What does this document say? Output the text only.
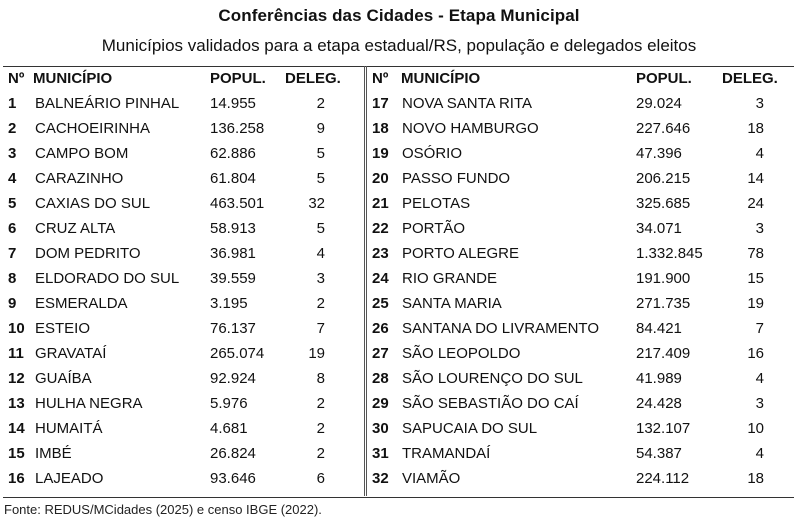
Conferências das Cidades - Etapa Municipal
Municípios validados para a etapa estadual/RS, população e delegados eleitos
Nº MUNICÍPIO	POPUL. DELEG.
1 BALNEÁRIO PINHAL 14.955	2
2 CACHOEIRINHA	136.258	9
3 CAMPO BOM	62.886	5
4 CARAZINHO	61.804	5
5 CAXIAS DO SUL	463.501	32
6 CRUZ ALTA	58.913	5
7 DOM PEDRITO	36.981	4
8 ELDORADO DO SUL 39.559	3
9 ESMERALDA	3.195	2
10 ESTEIO	76.137	7
11 GRAVATAÍ	265.074	19
12 GUAÍBA	92.924	8
13 HULHA NEGRA	5.976	2
14 HUMAITÁ	4.681	2
15 IMBÉ	26.824	2
16 LAJEADO	93.646	6
Nº MUNICÍPIO	POPUL. DELEG.
17 NOVA SANTA RITA	29.024	3
18 NOVO HAMBURGO	227.646	18
19 OSÓRIO	47.396	4
20 PASSO FUNDO	206.215	14
21 PELOTAS	325.685	24
22 PORTÃO	34.071	3
23 PORTO ALEGRE	1.332.845	78
24 RIO GRANDE	191.900	15
25 SANTA MARIA	271.735	19
26 SANTANA DO LIVRAMENTO 84.421	7
27 SÃO LEOPOLDO	217.409	16
28 SÃO LOURENÇO DO SUL	41.989	4
29 SÃO SEBASTIÃO DO CAÍ	24.428	3
30 SAPUCAIA DO SUL	132.107	10
31 TRAMANDAÍ	54.387	4
32 VIAMÃO	224.112	18
Fonte: REDUS/MCidades (2025) e censo IBGE (2022).
